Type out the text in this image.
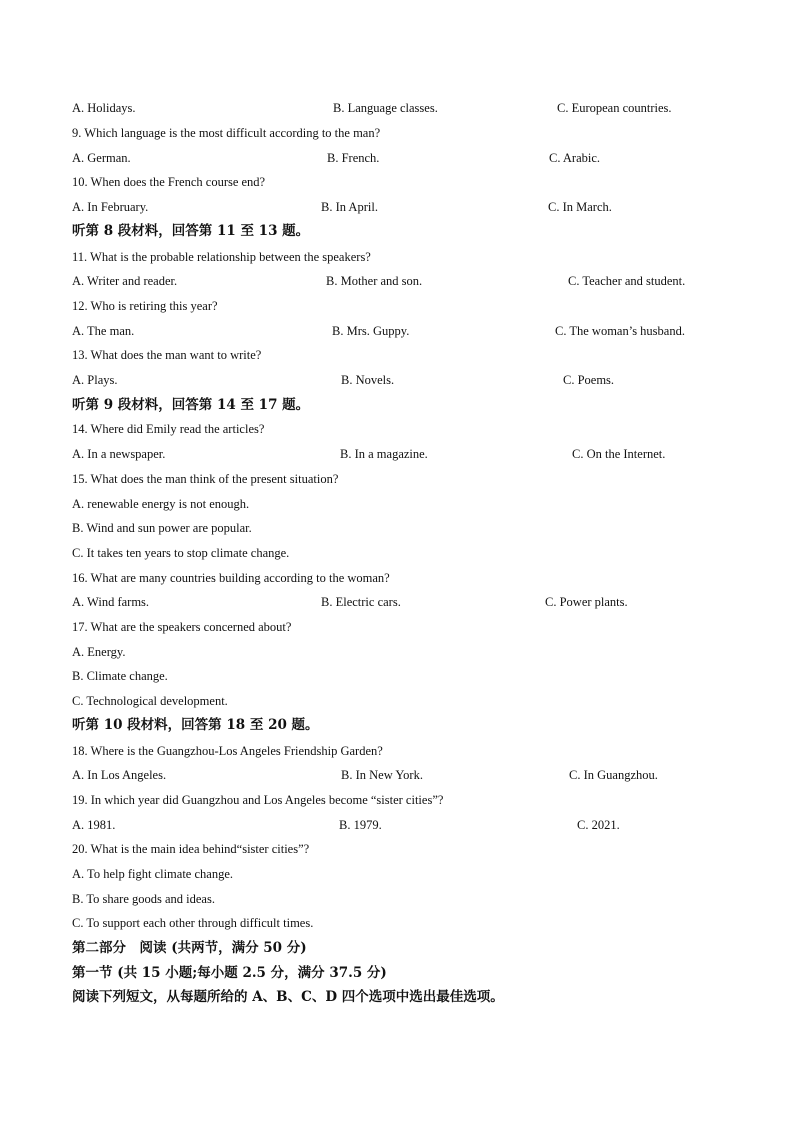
A. Holidays.	B. Language classes.	C. European countries.
9. Which language is the most difficult according to the man?
A. German.	B. French.	C. Arabic.
10. When does the French course end?
A. In February.	B. In April.	C. In March.
听第 8 段材料，回答第 11 至 13 题。
11. What is the probable relationship between the speakers?
A. Writer and reader.	B. Mother and son.	C. Teacher and student.
12. Who is retiring this year?
A. The man.	B. Mrs. Guppy.	C. The woman’s husband.
13. What does the man want to write?
A. Plays.	B. Novels.	C. Poems.
听第 9 段材料，回答第 14 至 17 题。
14. Where did Emily read the articles?
A. In a newspaper.	B. In a magazine.	C. On the Internet.
15. What does the man think of the present situation?
A. renewable energy is not enough.
B. Wind and sun power are popular.
C. It takes ten years to stop climate change.
16. What are many countries building according to the woman?
A. Wind farms.	B. Electric cars.	C. Power plants.
17. What are the speakers concerned about?
A. Energy.
B. Climate change.
C. Technological development.
听第 10 段材料，回答第 18 至 20 题。
18. Where is the Guangzhou-Los Angeles Friendship Garden?
A. In Los Angeles.	B. In New York.	C. In Guangzhou.
19. In which year did Guangzhou and Los Angeles become “sister cities”?
A. 1981.	B. 1979.	C. 2021.
20. What is the main idea behind“sister cities”?
A. To help fight climate change.
B. To share goods and ideas.
C. To support each other through difficult times.
第二部分　阅读 (共两节，满分 50 分)
第一节 (共 15 小题;每小题 2.5 分，满分 37.5 分)
阅读下列短文，从每题所给的 A、B、C、D 四个选项中选出最佳选项。
